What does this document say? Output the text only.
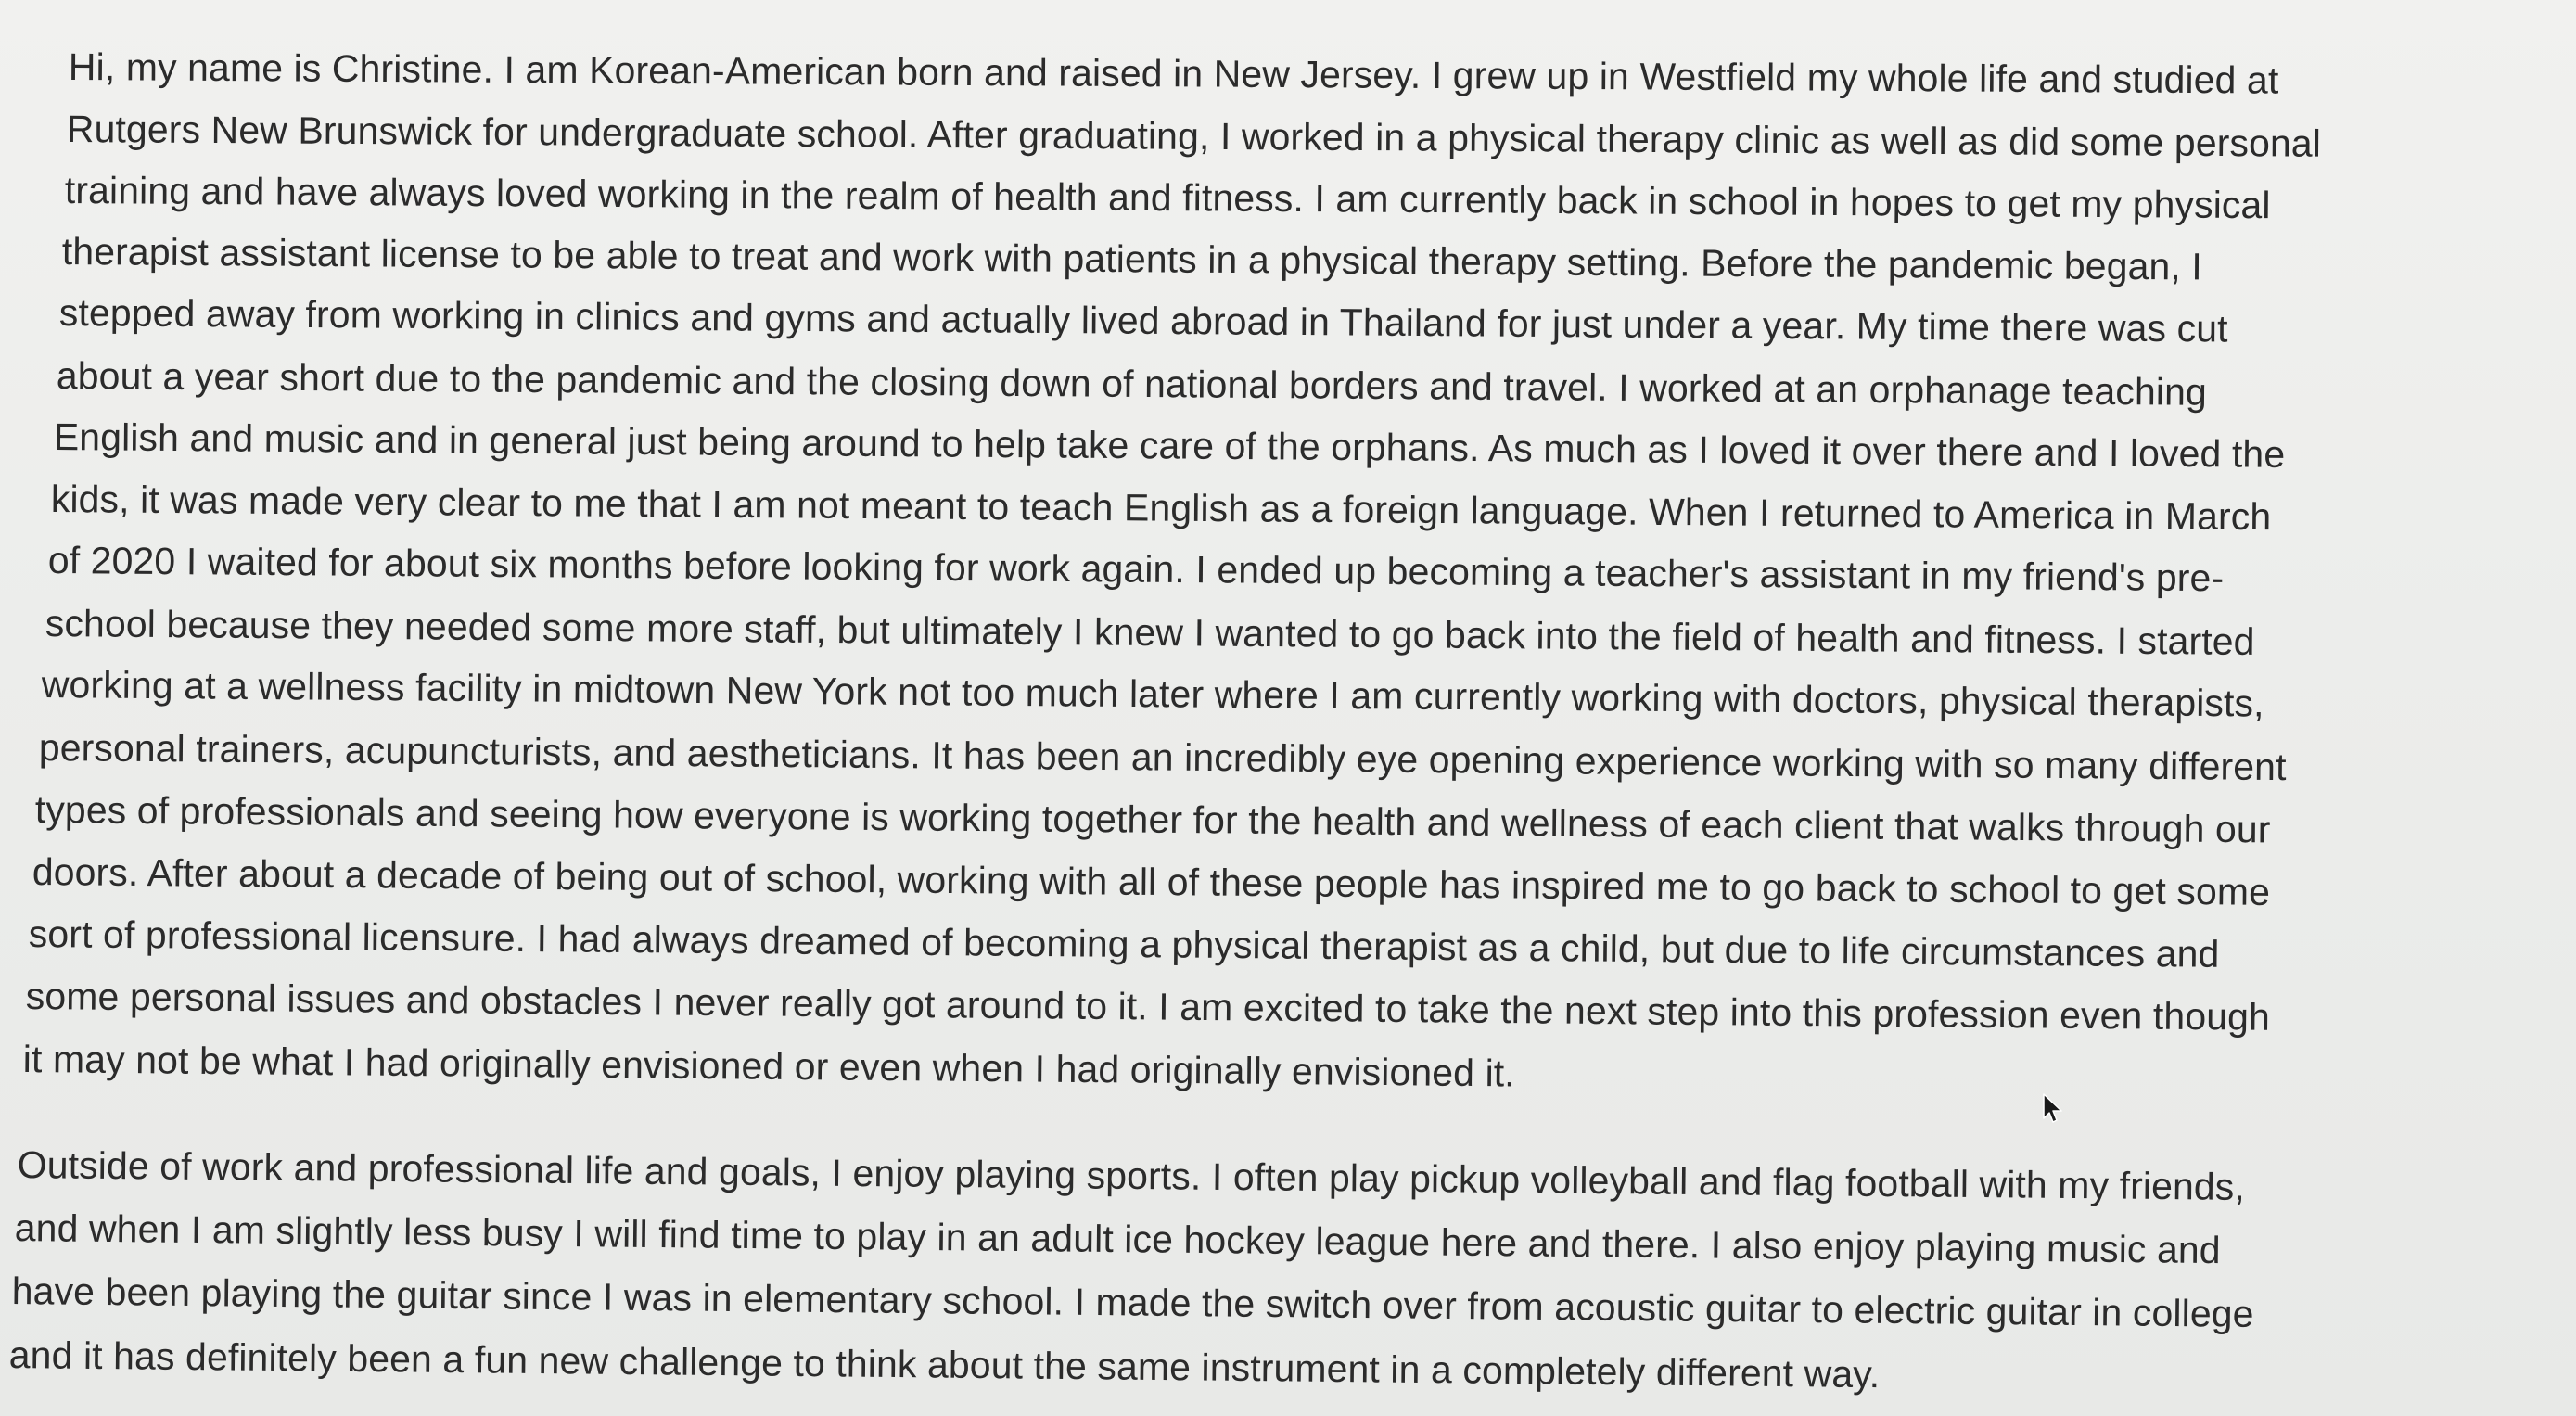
Hi, my name is Christine. I am Korean-American born and raised in New Jersey. I grew up in Westfield my whole life and studied at
Rutgers New Brunswick for undergraduate school. After graduating, I worked in a physical therapy clinic as well as did some personal
training and have always loved working in the realm of health and fitness. I am currently back in school in hopes to get my physical
therapist assistant license to be able to treat and work with patients in a physical therapy setting. Before the pandemic began, I
stepped away from working in clinics and gyms and actually lived abroad in Thailand for just under a year. My time there was cut
about a year short due to the pandemic and the closing down of national borders and travel. I worked at an orphanage teaching
English and music and in general just being around to help take care of the orphans. As much as I loved it over there and I loved the
kids, it was made very clear to me that I am not meant to teach English as a foreign language. When I returned to America in March
of 2020 I waited for about six months before looking for work again. I ended up becoming a teacher's assistant in my friend's pre-
school because they needed some more staff, but ultimately I knew I wanted to go back into the field of health and fitness. I started
working at a wellness facility in midtown New York not too much later where I am currently working with doctors, physical therapists,
personal trainers, acupuncturists, and aestheticians. It has been an incredibly eye opening experience working with so many different
types of professionals and seeing how everyone is working together for the health and wellness of each client that walks through our
doors. After about a decade of being out of school, working with all of these people has inspired me to go back to school to get some
sort of professional licensure. I had always dreamed of becoming a physical therapist as a child, but due to life circumstances and
some personal issues and obstacles I never really got around to it. I am excited to take the next step into this profession even though
it may not be what I had originally envisioned or even when I had originally envisioned it.
Outside of work and professional life and goals, I enjoy playing sports. I often play pickup volleyball and flag football with my friends,
and when I am slightly less busy I will find time to play in an adult ice hockey league here and there. I also enjoy playing music and
have been playing the guitar since I was in elementary school. I made the switch over from acoustic guitar to electric guitar in college
and it has definitely been a fun new challenge to think about the same instrument in a completely different way.
